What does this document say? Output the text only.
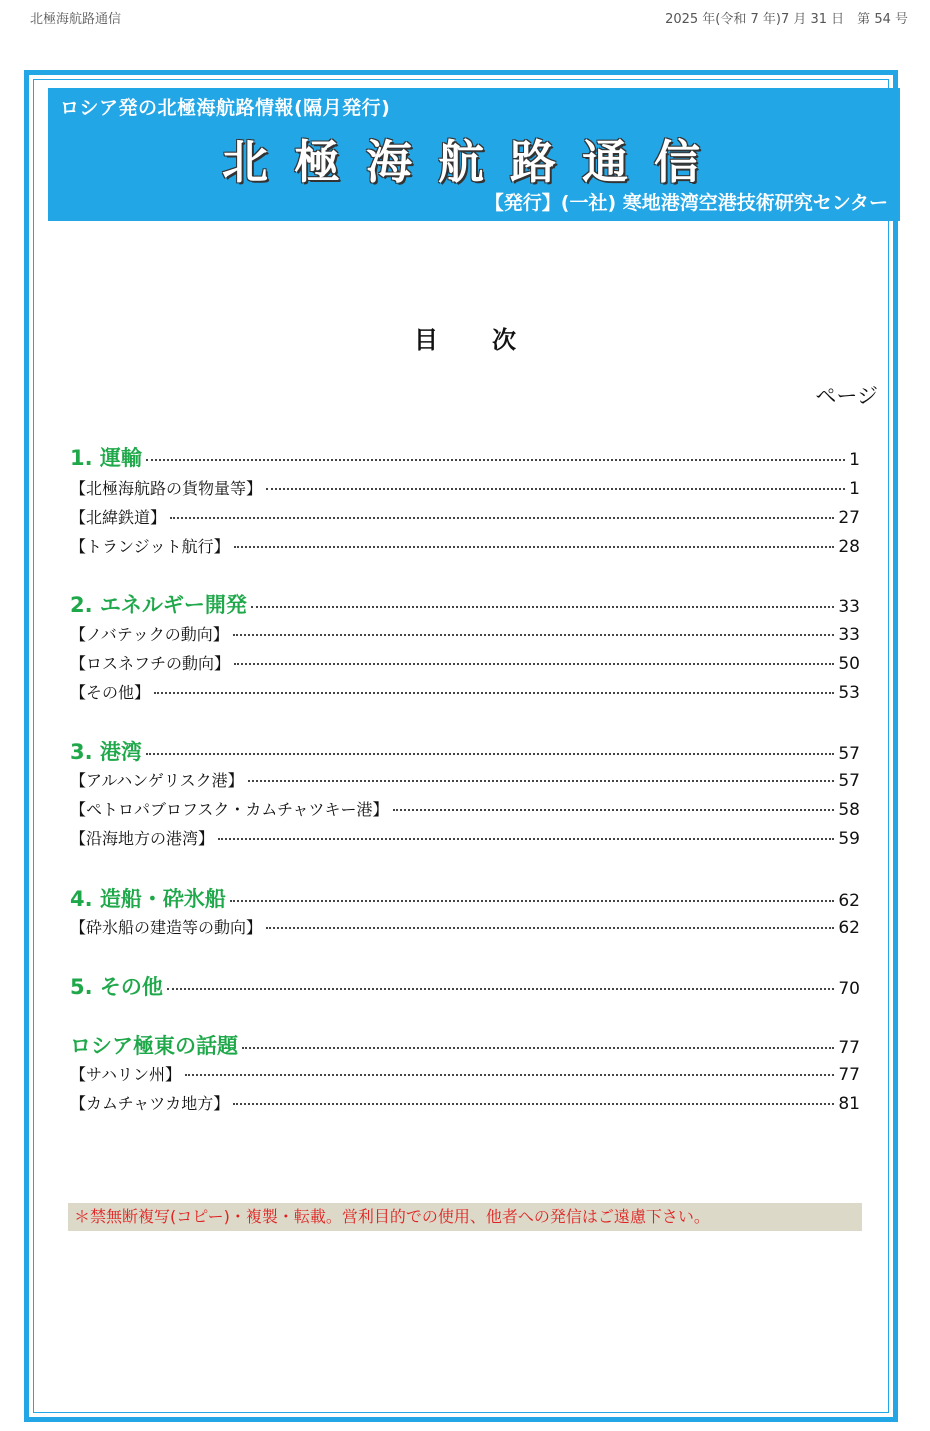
北極海航路通信	2025 年(令和 7 年)7 月 31 日　第 54 号
ロシア発の北極海航路情報(隔月発行)
北極海航路通信
【発行】(一社) 寒地港湾空港技術研究センター
目次
ページ
1. 運輸	1
【北極海航路の貨物量等】	1
【北緯鉄道】	27
【トランジット航行】	28
2. エネルギー開発	33
【ノバテックの動向】	33
【ロスネフチの動向】	50
【その他】	53
3. 港湾	57
【アルハンゲリスク港】	57
【ペトロパブロフスク・カムチャツキー港】	58
【沿海地方の港湾】	59
4. 造船・砕氷船	62
【砕氷船の建造等の動向】	62
5. その他	70
ロシア極東の話題	77
【サハリン州】	77
【カムチャツカ地方】	81
＊禁無断複写(コピー)・複製・転載。営利目的での使用、他者への発信はご遠慮下さい。
